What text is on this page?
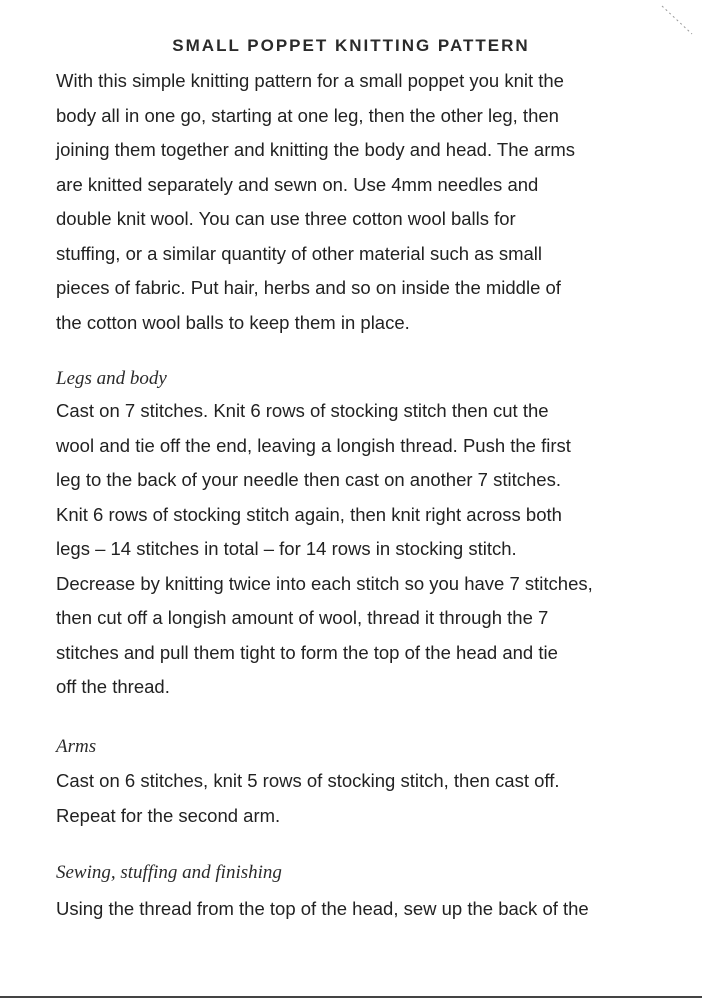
SMALL POPPET KNITTING PATTERN
With this simple knitting pattern for a small poppet you knit the
body all in one go, starting at one leg, then the other leg, then
joining them together and knitting the body and head. The arms
are knitted separately and sewn on. Use 4mm needles and
double knit wool. You can use three cotton wool balls for
stuffing, or a similar quantity of other material such as small
pieces of fabric. Put hair, herbs and so on inside the middle of
the cotton wool balls to keep them in place.
Legs and body
Cast on 7 stitches. Knit 6 rows of stocking stitch then cut the
wool and tie off the end, leaving a longish thread. Push the first
leg to the back of your needle then cast on another 7 stitches.
Knit 6 rows of stocking stitch again, then knit right across both
legs – 14 stitches in total – for 14 rows in stocking stitch.
Decrease by knitting twice into each stitch so you have 7 stitches,
then cut off a longish amount of wool, thread it through the 7
stitches and pull them tight to form the top of the head and tie
off the thread.
Arms
Cast on 6 stitches, knit 5 rows of stocking stitch, then cast off.
Repeat for the second arm.
Sewing, stuffing and finishing
Using the thread from the top of the head, sew up the back of the
